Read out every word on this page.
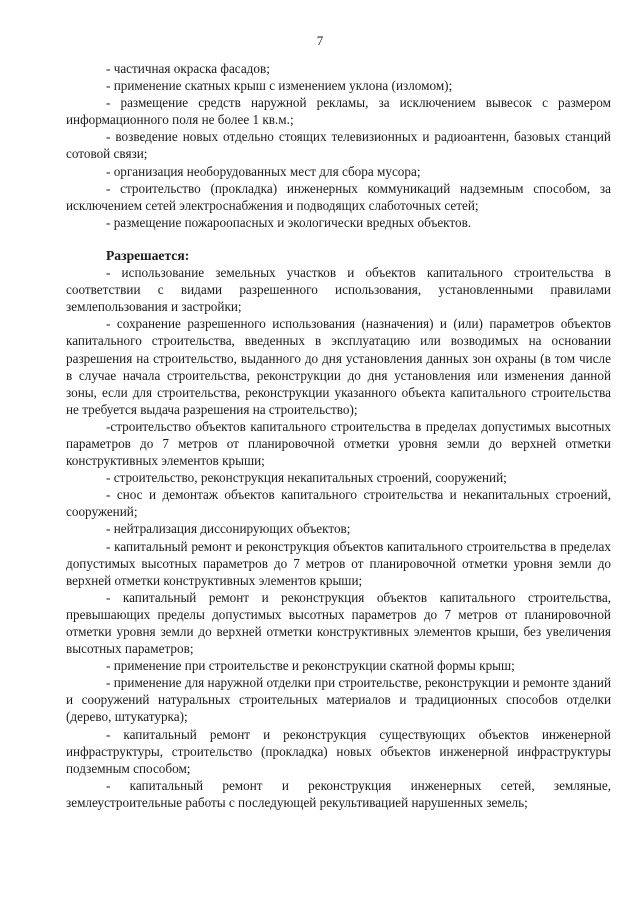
7

- частичная окраска фасадов;

- применение скатных крыш с изменением уклона (изломом);

- размещение средств наружной рекламы, за исключением вывесок с размером информационного поля не более 1 кв.м.;

- возведение новых отдельно стоящих телевизионных и радиоантенн, базовых станций сотовой связи;

- организация необорудованных мест для сбора мусора;

- строительство (прокладка) инженерных коммуникаций надземным способом, за исключением сетей электроснабжения и подводящих слаботочных сетей;

- размещение пожароопасных и экологически вредных объектов.

Разрешается:

- использование земельных участков и объектов капитального строительства в соответствии с видами разрешенного использования, установленными правилами землепользования и застройки;

- сохранение разрешенного использования (назначения) и (или) параметров объектов капитального строительства, введенных в эксплуатацию или возводимых на основании разрешения на строительство, выданного до дня установления данных зон охраны (в том числе в случае начала строительства, реконструкции до дня установления или изменения данной зоны, если для строительства, реконструкции указанного объекта капитального строительства не требуется выдача разрешения на строительство);

-строительство объектов капитального строительства в пределах допустимых высотных параметров до 7 метров от планировочной отметки уровня земли до верхней отметки конструктивных элементов крыши;

- строительство, реконструкция некапитальных строений, сооружений;

- снос и демонтаж объектов капитального строительства и некапитальных строений, сооружений;

- нейтрализация диссонирующих объектов;

- капитальный ремонт и реконструкция объектов капитального строительства в пределах допустимых высотных параметров до 7 метров от планировочной отметки уровня земли до верхней отметки конструктивных элементов крыши;

- капитальный ремонт и реконструкция объектов капитального строительства, превышающих пределы допустимых высотных параметров до 7 метров от планировочной отметки уровня земли до верхней отметки конструктивных элементов крыши, без увеличения высотных параметров;

- применение при строительстве и реконструкции скатной формы крыш;

- применение для наружной отделки при строительстве, реконструкции и ремонте зданий и сооружений натуральных строительных материалов и традиционных способов отделки (дерево, штукатурка);

- капитальный ремонт и реконструкция существующих объектов инженерной инфраструктуры, строительство (прокладка) новых объектов инженерной инфраструктуры подземным способом;

- капитальный ремонт и реконструкция инженерных сетей, земляные, землеустроительные работы с последующей рекультивацией нарушенных земель;
